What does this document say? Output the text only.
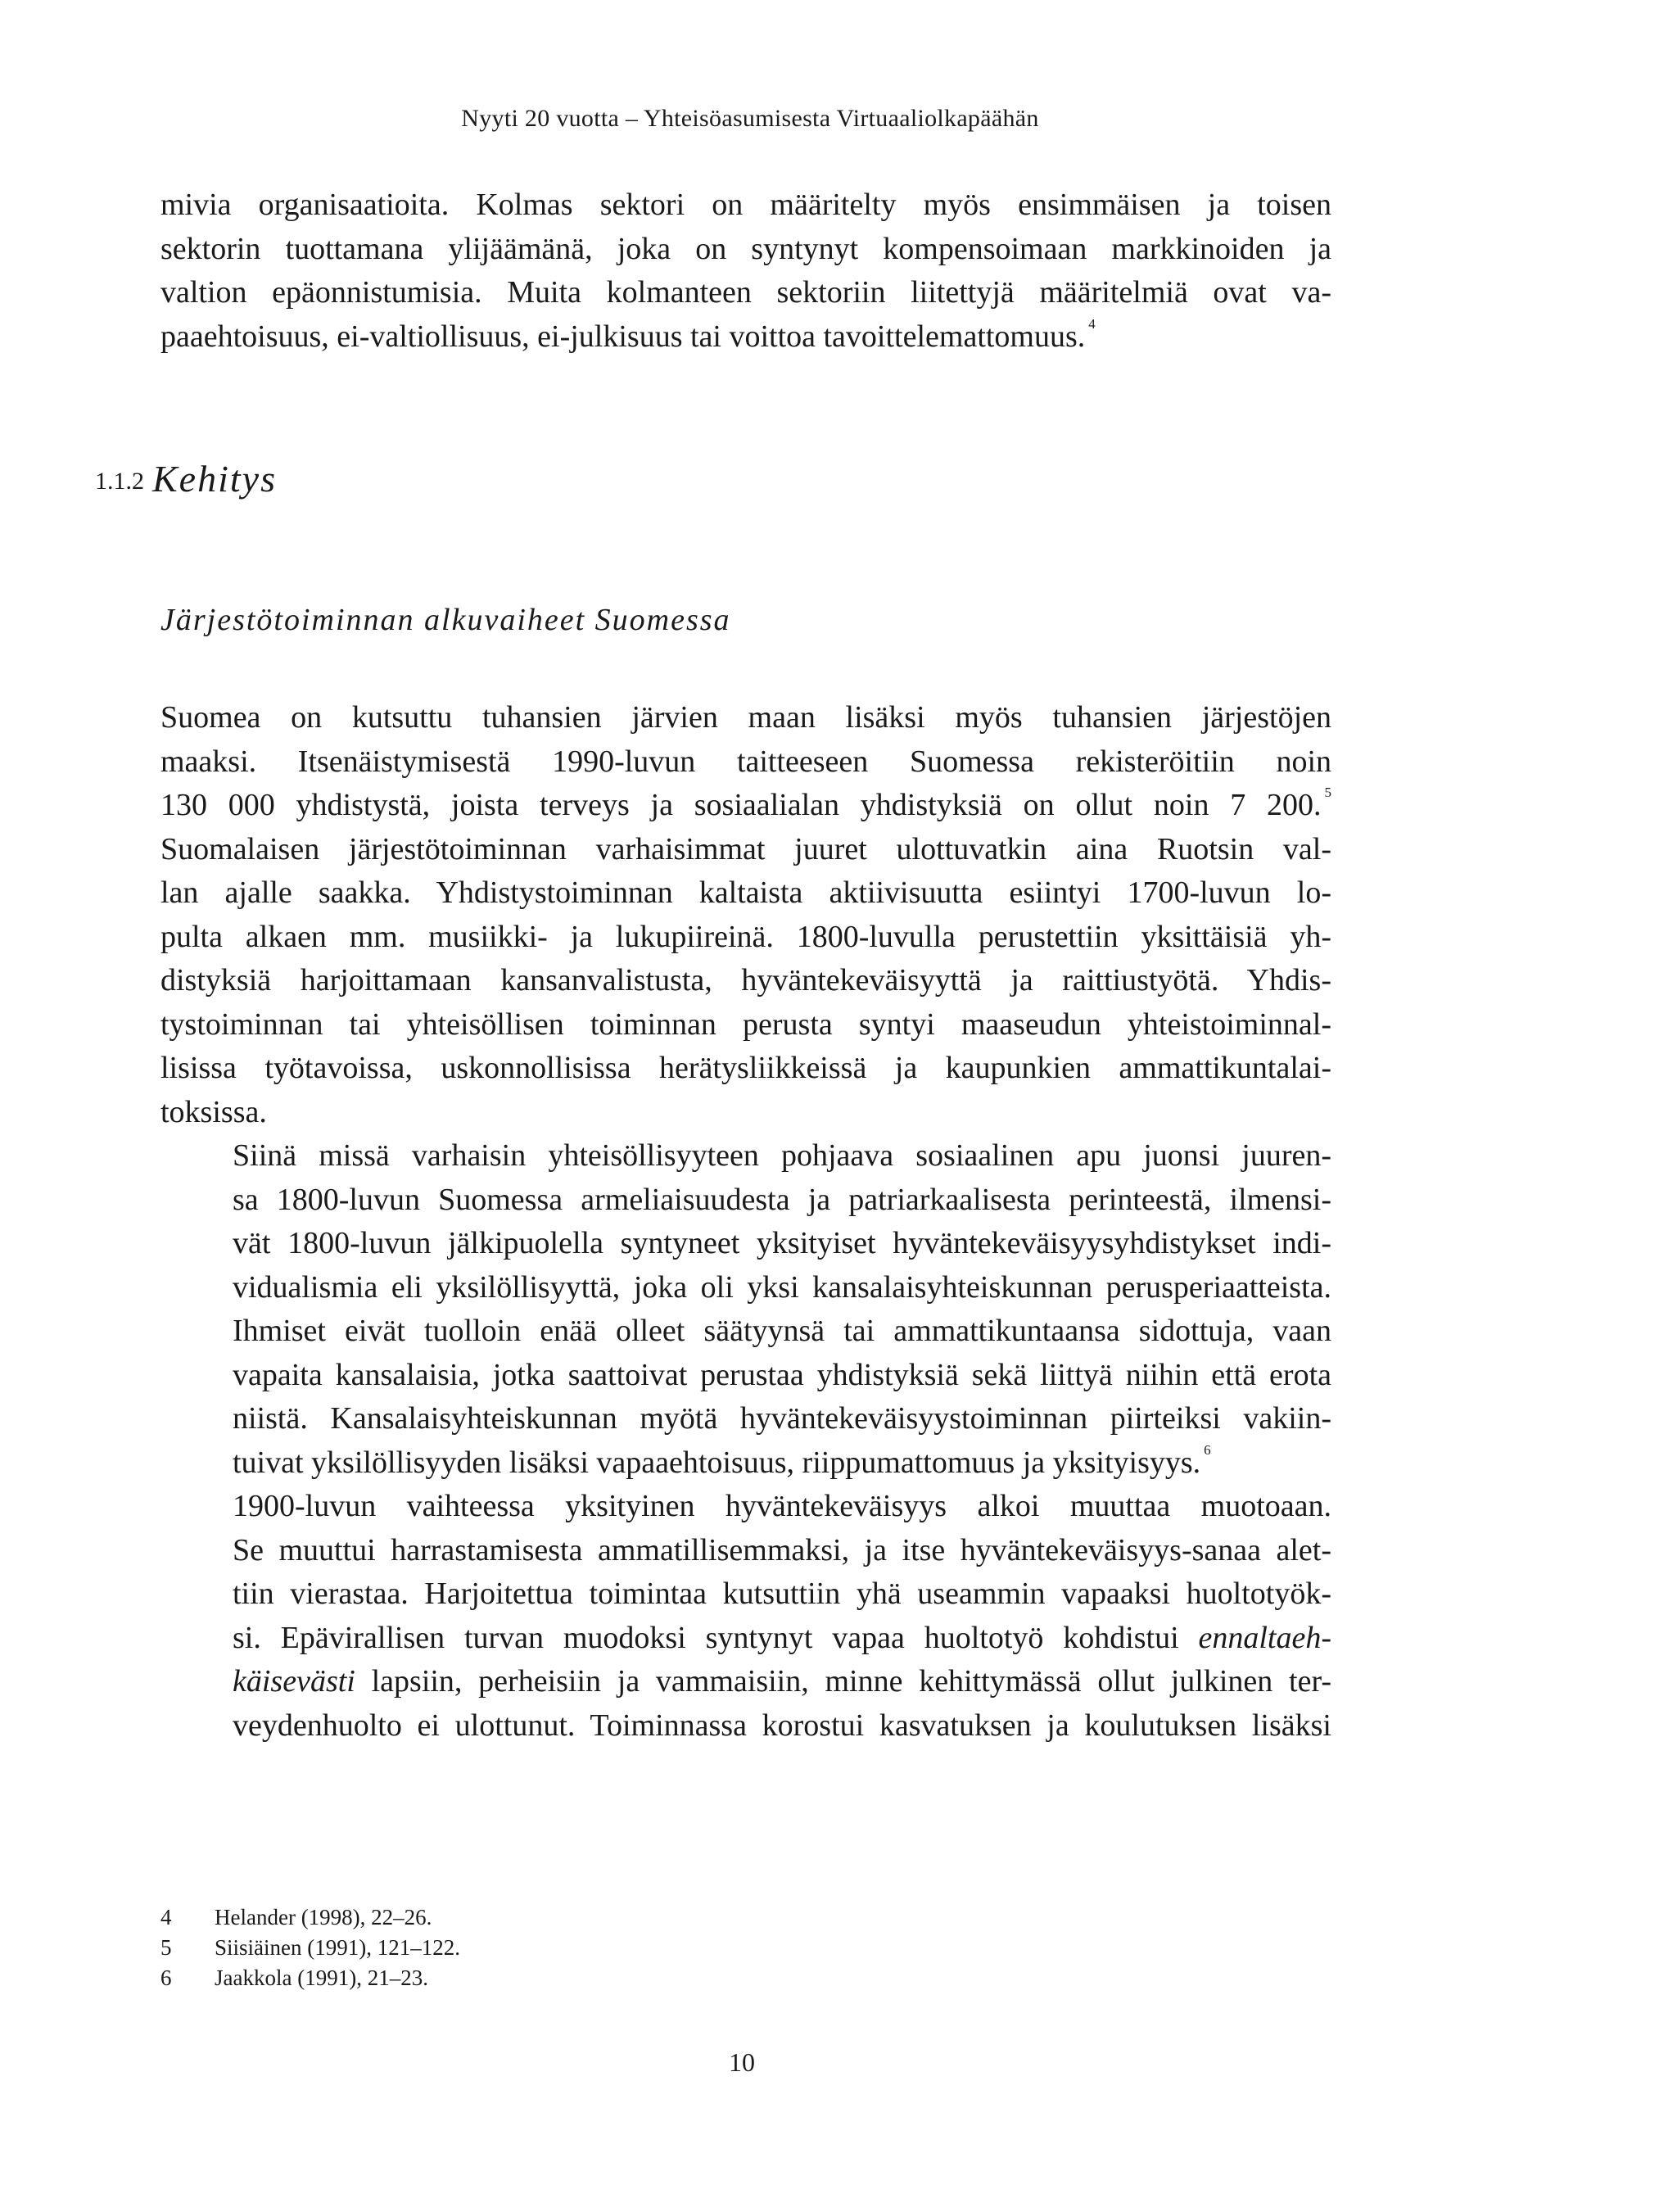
Nyyti 20 vuotta – Yhteisöasumisesta Virtuaaliolkapäähän
mivia organisaatioita. Kolmas sektori on määritelty myös ensimmäisen ja toisen
sektorin tuottamana ylijäämänä, joka on syntynyt kompensoimaan markkinoiden ja
valtion epäonnistumisia. Muita kolmanteen sektoriin liitettyjä määritelmiä ovat va-
paaehtoisuus, ei-valtiollisuus, ei-julkisuus tai voittoa tavoittelemattomuus. $^4$
1.1.2 Kehitys
Järjestötoiminnan alkuvaiheet Suomessa

Suomea on kutsuttu tuhansien järvien maan lisäksi myös tuhansien järjestöjen
maaksi. Itsenäistymisestä 1990-luvun taitteeseen Suomessa rekisteröitiin noin
130 000 yhdistystä, joista terveys ja sosiaalialan yhdistyksiä on ollut noin 7 200. $^5$
Suomalaisen järjestötoiminnan varhaisimmat juuret ulottuvatkin aina Ruotsin val-
lan ajalle saakka. Yhdistystoiminnan kaltaista aktiivisuutta esiintyi 1700-luvun lo-
pulta alkaen mm. musiikki- ja lukupiireinä. 1800-luvulla perustettiin yksittäisiä yh-
distyksiä harjoittamaan kansanvalistusta, hyväntekeväisyyttä ja raittiustyötä. Yhdis-
tystoiminnan tai yhteisöllisen toiminnan perusta syntyi maaseudun yhteistoiminnal-
lisissa työtavoissa, uskonnollisissa herätysliikkeissä ja kaupunkien ammattikuntalai-
toksissa.

Siinä missä varhaisin yhteisöllisyyteen pohjaava sosiaalinen apu juonsi juuren-
sa 1800-luvun Suomessa armeliaisuudesta ja patriarkaalisesta perinteestä, ilmensi-
vät 1800-luvun jälkipuolella syntyneet yksityiset hyväntekeväisyysyhdistykset indi-
vidualismia eli yksilöllisyyttä, joka oli yksi kansalaisyhteiskunnan perusperiaatteista.
Ihmiset eivät tuolloin enää olleet säätyynsä tai ammattikuntaansa sidottuja, vaan
vapaita kansalaisia, jotka saattoivat perustaa yhdistyksiä sekä liittyä niihin että erota
niistä. Kansalaisyhteiskunnan myötä hyväntekeväisyystoiminnan piirteiksi vakiin-
tuivat yksilöllisyyden lisäksi vapaaehtoisuus, riippumattomuus ja yksityisyys. $^6$

1900-luvun vaihteessa yksityinen hyväntekeväisyys alkoi muuttaa muotoaan.
Se muuttui harrastamisesta ammatillisemmaksi, ja itse hyväntekeväisyys-sanaa alet-
tiin vierastaa. Harjoitettua toimintaa kutsuttiin yhä useammin vapaaksi huoltotyök-
si. Epävirallisen turvan muodoksi syntynyt vapaa huoltotyö kohdistui ennaltaeh-
käisevästi lapsiin, perheisiin ja vammaisiin, minne kehittymässä ollut julkinen ter-
veydenhuolto ei ulottunut. Toiminnassa korostui kasvatuksen ja koulutuksen lisäksi

4	Helander (1998), 22–26.
5	Siisiäinen (1991), 121–122.
6	Jaakkola (1991), 21–23.
10
